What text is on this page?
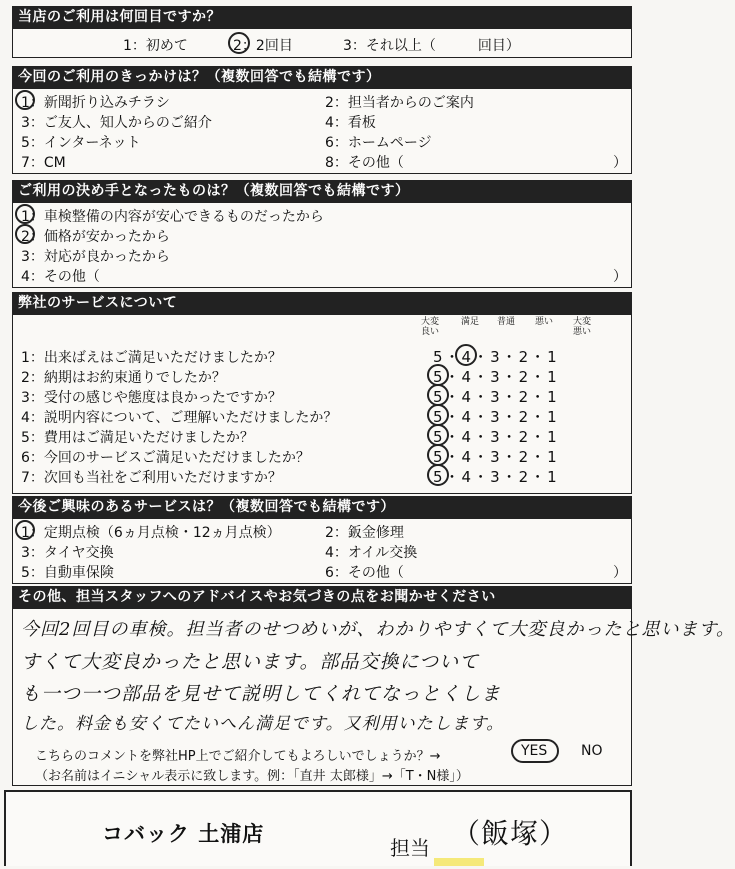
当店のご利用は何回目ですか？
1：初めて	2：2回目	3：それ以上（　　　回目）
今回のご利用のきっかけは？（複数回答でも結構です）
1：新聞折り込みチラシ	2：担当者からのご案内
3：ご友人、知人からのご紹介	4：看板
5：インターネット	6：ホームページ
7：CM	8：その他（	）
ご利用の決め手となったものは？（複数回答でも結構です）
1：車検整備の内容が安心できるものだったから
2：価格が安かったから
3：対応が良かったから
4：その他（	）
弊社のサービスについて
大変良い
満足	普通	悪い	大変悪い
1：出来ばえはご満足いただけましたか？	5・4・3・2・1
2：納期はお約束通りでしたか？	5・4・3・2・1
3：受付の感じや態度は良かったですか？	5・4・3・2・1
4：説明内容について、ご理解いただけましたか？	5・4・3・2・1
5：費用はご満足いただけましたか？	5・4・3・2・1
6：今回のサービスご満足いただけましたか？	5・4・3・2・1
7：次回も当社をご利用いただけますか？	5・4・3・2・1
今後ご興味のあるサービスは？（複数回答でも結構です）
1：定期点検（6ヵ月点検・12ヵ月点検）	2：鈑金修理
3：タイヤ交換	4：オイル交換
5：自動車保険	6：その他（	）
その他、担当スタッフへのアドバイスやお気づきの点をお聞かせください
今回2回目の車検。担当者のせつめいが、わかりやすくて大変良かったと思います。
すくて大変良かったと思います。部品交換について
も一つ一つ部品を見せて説明してくれてなっとくしま
した。料金も安くてたいへん満足です。又利用いたします。
こちらのコメントを弊社HP上でご紹介してもよろしいでしょうか？→	YES NO
（お名前はイニシャル表示に致します。例：「直井 太郎様」→「T・N様」）
コバック 土浦店
担当 （飯塚）
